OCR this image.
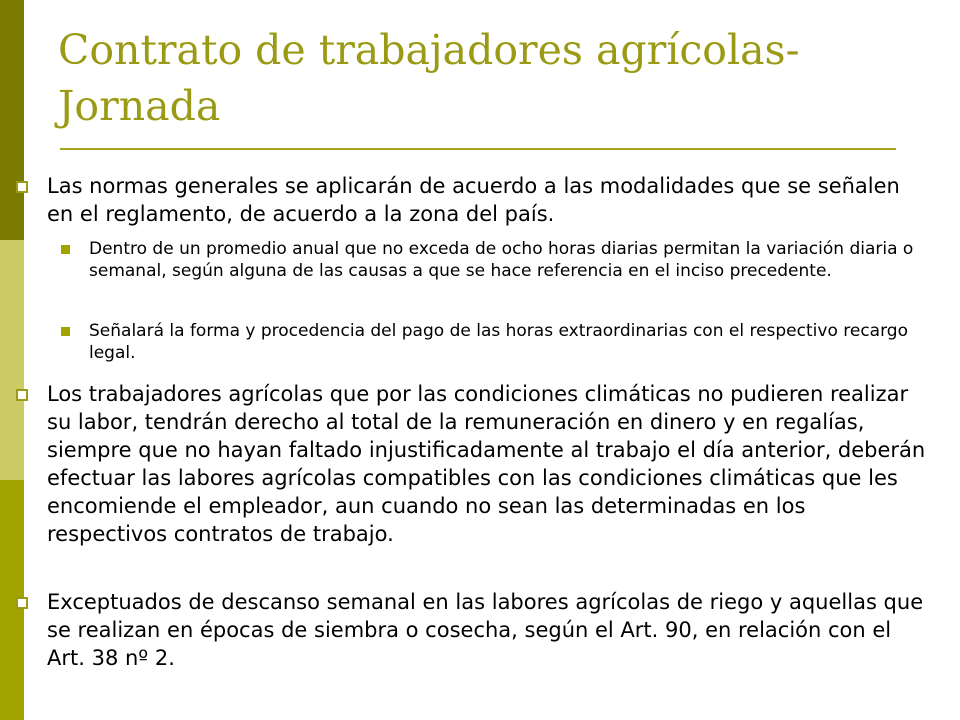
Contrato de trabajadores agrícolas-
Jornada
Las normas generales se aplicarán de acuerdo a las modalidades que se señalen en el reglamento, de acuerdo a la zona del país.
Dentro de un promedio anual que no exceda de ocho horas diarias permitan la variación diaria o semanal, según alguna de las causas a que se hace referencia en el inciso precedente.
Señalará la forma y procedencia del pago de las horas extraordinarias con el respectivo recargo legal.
Los trabajadores agrícolas que por las condiciones climáticas no pudieren realizar su labor, tendrán derecho al total de la remuneración en dinero y en regalías, siempre que no hayan faltado injustificadamente al trabajo el día anterior, deberán efectuar las labores agrícolas compatibles con las condiciones climáticas que les encomiende el empleador, aun cuando no sean las determinadas en los respectivos contratos de trabajo.
Exceptuados de descanso semanal en las labores agrícolas de riego y aquellas que se realizan en épocas de siembra o cosecha, según el Art. 90, en relación con el Art. 38 nº 2.
